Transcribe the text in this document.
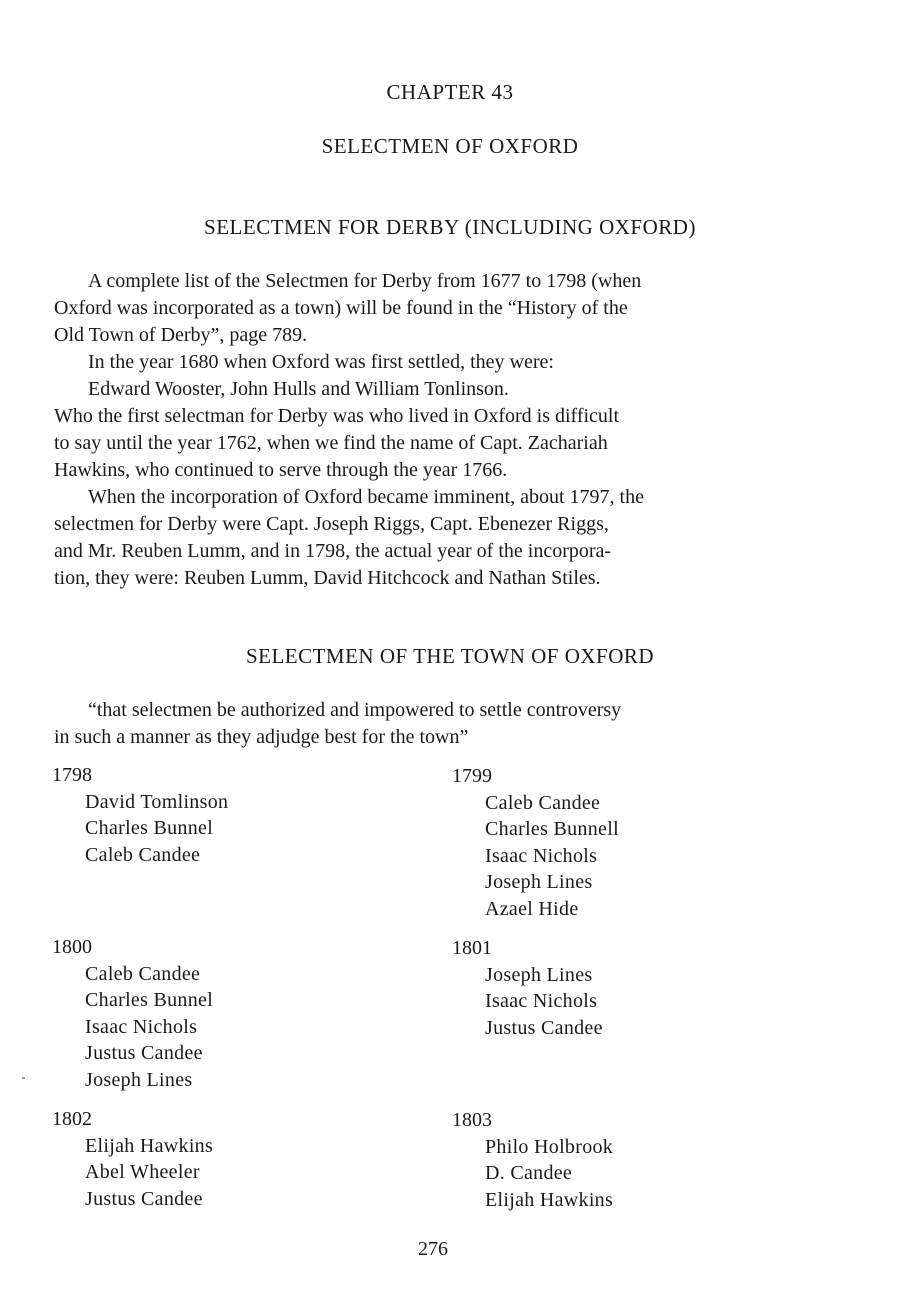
CHAPTER 43
SELECTMEN OF OXFORD
SELECTMEN FOR DERBY (INCLUDING OXFORD)
A complete list of the Selectmen for Derby from 1677 to 1798 (when
Oxford was incorporated as a town) will be found in the “History of the
Old Town of Derby”, page 789.
In the year 1680 when Oxford was first settled, they were:
Edward Wooster, John Hulls and William Tonlinson.
Who the first selectman for Derby was who lived in Oxford is difficult
to say until the year 1762, when we find the name of Capt. Zachariah
Hawkins, who continued to serve through the year 1766.
When the incorporation of Oxford became imminent, about 1797, the
selectmen for Derby were Capt. Joseph Riggs, Capt. Ebenezer Riggs,
and Mr. Reuben Lumm, and in 1798, the actual year of the incorpora-
tion, they were: Reuben Lumm, David Hitchcock and Nathan Stiles.
SELECTMEN OF THE TOWN OF OXFORD
“that selectmen be authorized and impowered to settle controversy
in such a manner as they adjudge best for the town”
1798
David Tomlinson
Charles Bunnel
Caleb Candee
1799
Caleb Candee
Charles Bunnell
Isaac Nichols
Joseph Lines
Azael Hide
1800
Caleb Candee
Charles Bunnel
Isaac Nichols
Justus Candee
Joseph Lines
1801
Joseph Lines
Isaac Nichols
Justus Candee
1802
Elijah Hawkins
Abel Wheeler
Justus Candee
1803
Philo Holbrook
D. Candee
Elijah Hawkins
276
